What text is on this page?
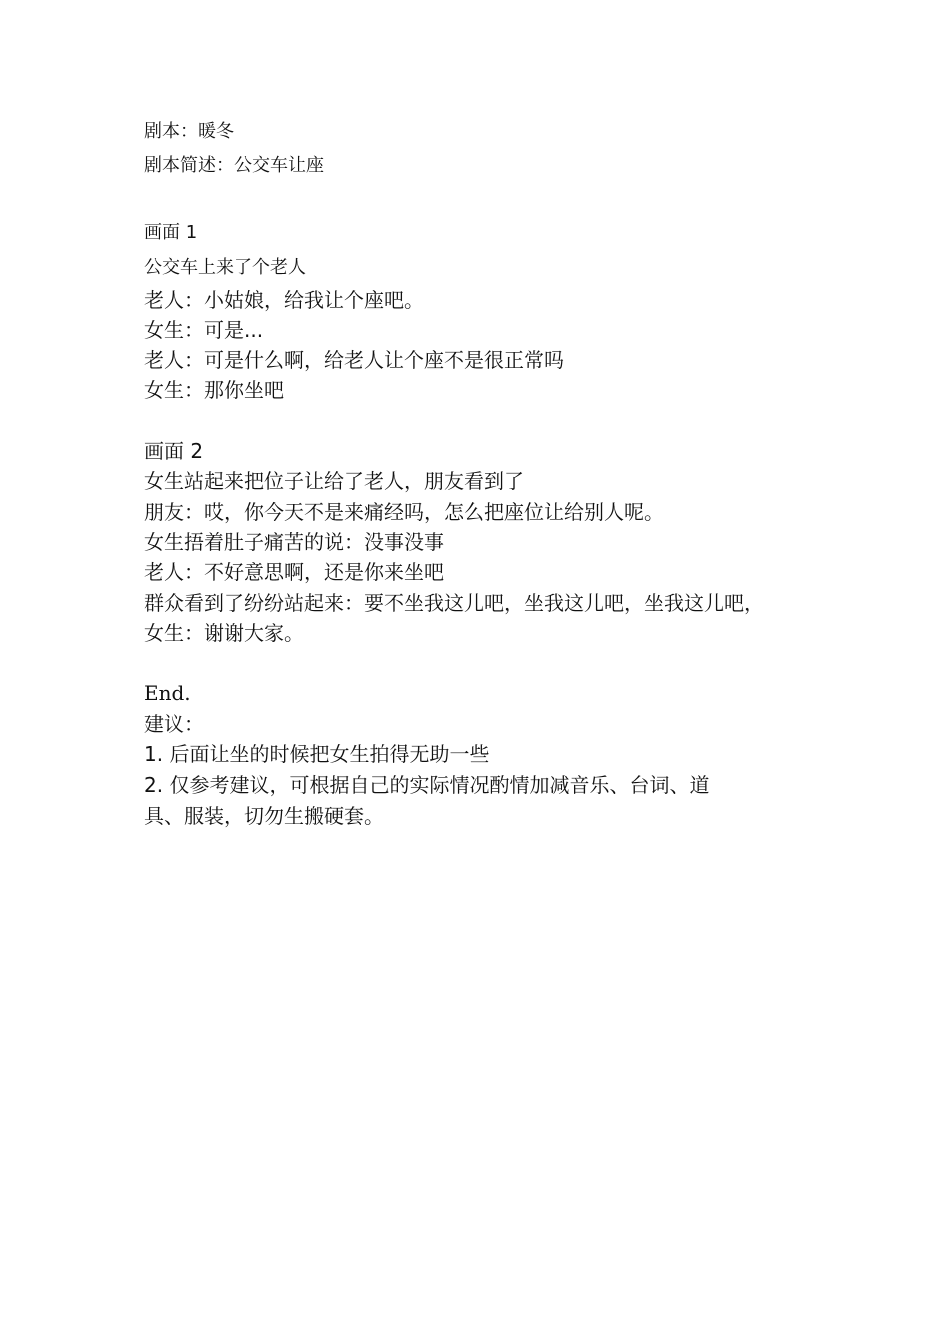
剧本：暖冬
剧本简述：公交车让座
画面 1
公交车上来了个老人
老人：小姑娘，给我让个座吧。
女生：可是...
老人：可是什么啊，给老人让个座不是很正常吗
女生：那你坐吧
画面 2
女生站起来把位子让给了老人，朋友看到了
朋友：哎，你今天不是来痛经吗，怎么把座位让给别人呢。
女生捂着肚子痛苦的说：没事没事
老人：不好意思啊，还是你来坐吧
群众看到了纷纷站起来：要不坐我这儿吧，坐我这儿吧，坐我这儿吧，
女生：谢谢大家。
End.
建议：
1. 后面让坐的时候把女生拍得无助一些
2. 仅参考建议，可根据自己的实际情况酌情加减音乐、台词、道
具、服装，切勿生搬硬套。
